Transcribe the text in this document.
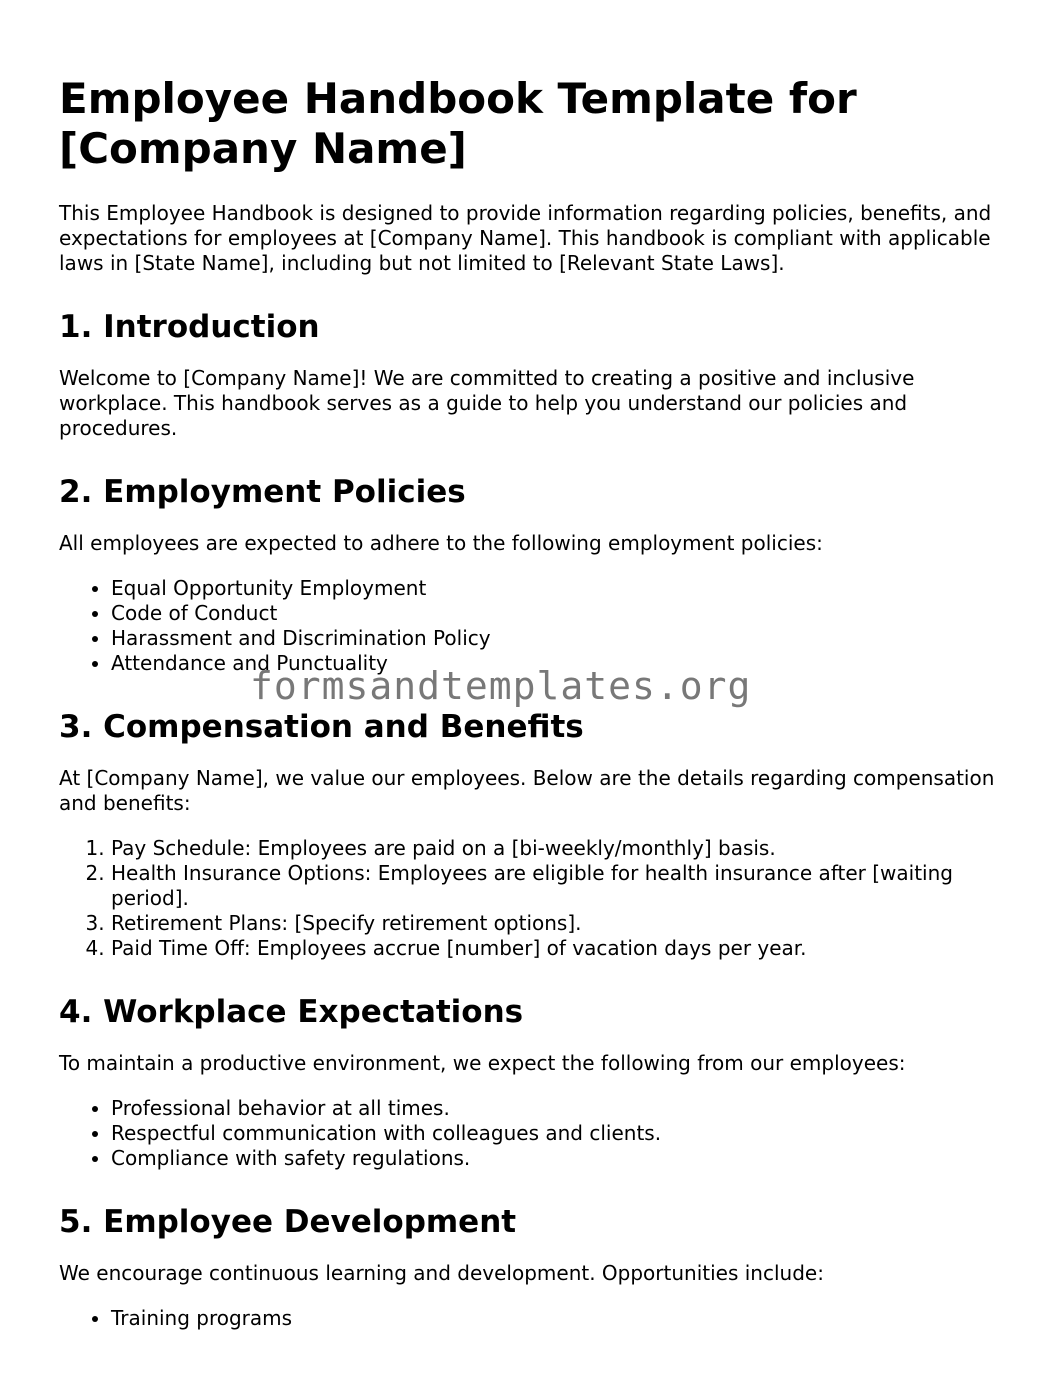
Employee Handbook Template for [Company Name]

This Employee Handbook is designed to provide information regarding policies, benefits, and expectations for employees at [Company Name]. This handbook is compliant with applicable laws in [State Name], including but not limited to [Relevant State Laws].

1. Introduction

Welcome to [Company Name]! We are committed to creating a positive and inclusive workplace. This handbook serves as a guide to help you understand our policies and procedures.

2. Employment Policies

All employees are expected to adhere to the following employment policies:

• Equal Opportunity Employment
• Code of Conduct
• Harassment and Discrimination Policy
• Attendance and Punctuality
3. Compensation and Benefits

At [Company Name], we value our employees. Below are the details regarding compensation and benefits:

1. Pay Schedule: Employees are paid on a [bi-weekly/monthly] basis.
2. Health Insurance Options: Employees are eligible for health insurance after [waiting period].
3. Retirement Plans: [Specify retirement options].
4. Paid Time Off: Employees accrue [number] of vacation days per year.
4. Workplace Expectations

To maintain a productive environment, we expect the following from our employees:

• Professional behavior at all times.
• Respectful communication with colleagues and clients.
• Compliance with safety regulations.
5. Employee Development

We encourage continuous learning and development. Opportunities include:

• Training programs
formsandtemplates.org
